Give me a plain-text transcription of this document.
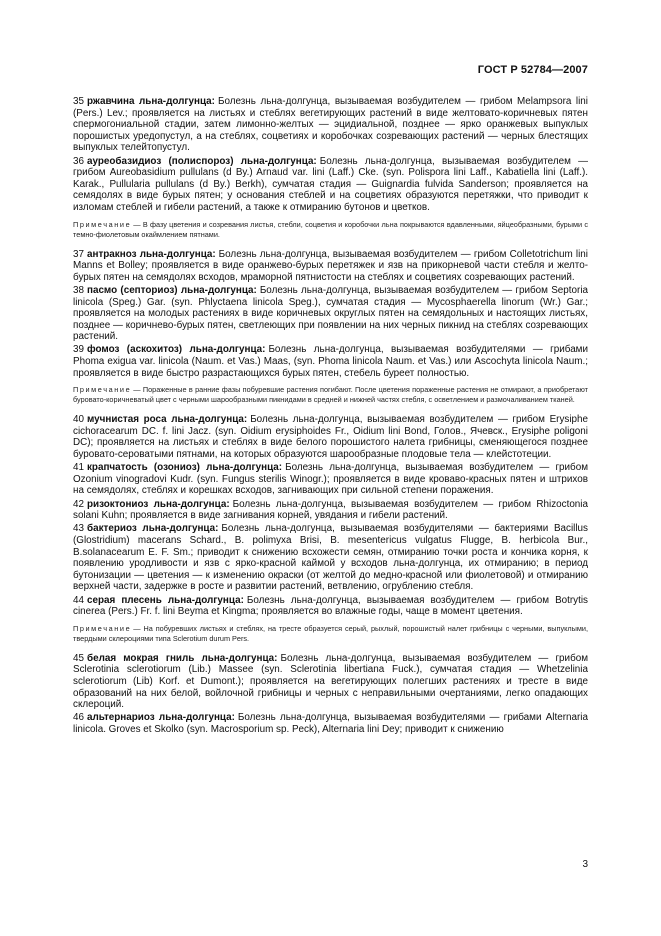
ГОСТ Р 52784—2007
35 ржавчина льна-долгунца: Болезнь льна-долгунца, вызываемая возбудителем — грибом Melampsora lini (Pers.) Lev.; проявляется на листьях и стеблях вегетирующих растений в виде желтовато-коричневых пятен спермогониальной стадии, затем лимонно-желтых — эцидиальной, позднее — ярко оранжевых выпуклых порошистых уредопустул, а на стеблях, соцветиях и коробочках созревающих растений — черных блестящих выпуклых телейтопустул.
36 ауреобазидиоз (полиспороз) льна-долгунца: Болезнь льна-долгунца, вызываемая возбудителем — грибом Aureobasidium pullulans (d By.) Arnaud var. lini (Laff.) Cke. (syn. Polispora lini Laff., Kabatiella lini (Laff.). Karak., Pullularia pullulans (d By.) Berkh), сумчатая стадия — Guignardia fulvida Sanderson; проявляется на семядолях в виде бурых пятен; у основания стеблей и на соцветиях образуются перетяжки, что приводит к изломам стеблей и гибели растений, а также к отмиранию бутонов и цветков.
Примечание — В фазу цветения и созревания листья, стебли, соцветия и коробочки льна покрываются вдавленными, яйцеобразными, бурыми с темно-фиолетовым окаймлением пятнами.
37 антракноз льна-долгунца: Болезнь льна-долгунца, вызываемая возбудителем — грибом Colletotrichum lini Manns et Bolley; проявляется в виде оранжево-бурых перетяжек и язв на прикорневой части стебля и желто-бурых пятен на семядолях всходов, мраморной пятнистости на стеблях и соцветиях созревающих растений.
38 пасмо (септориоз) льна-долгунца: Болезнь льна-долгунца, вызываемая возбудителем — грибом Septoria linicola (Speg.) Gar. (syn. Phlyctaena linicola Speg.), сумчатая стадия — Mycosphaerella linorum (Wr.) Gar.; проявляется на молодых растениях в виде коричневых округлых пятен на семядольных и настоящих листьях, позднее — коричнево-бурых пятен, светлеющих при появлении на них черных пикнид на стеблях созревающих растений.
39 фомоз (аскохитоз) льна-долгунца: Болезнь льна-долгунца, вызываемая возбудителями — грибами Phoma exigua var. linicola (Naum. et Vas.) Maas, (syn. Phoma linicola Naum. et Vas.) или Ascochyta linicola Naum.; проявляется в виде быстро разрастающихся бурых пятен, стебель буреет полностью.
Примечание — Пораженные в ранние фазы побуревшие растения погибают. После цветения пораженные растения не отмирают, а приобретают буровато-коричневатый цвет с черными шарообразными пикнидами в средней и нижней частях стебля, с осветлением и размочаливанием тканей.
40 мучнистая роса льна-долгунца: Болезнь льна-долгунца, вызываемая возбудителем — грибом Erysiphe cichoracearum DC. f. lini Jacz. (syn. Oidium erysiphoides Fr., Oidium lini Bond, Голов., Ячевск., Erysiphe poligoni DC); проявляется на листьях и стеблях в виде белого порошистого налета грибницы, сменяющегося позднее буровато-сероватыми пятнами, на которых образуются шарообразные плодовые тела — клейстотеции.
41 крапчатость (озониоз) льна-долгунца: Болезнь льна-долгунца, вызываемая возбудителем — грибом Ozonium vinogradovi Kudr. (syn. Fungus sterilis Winogr.); проявляется в виде кроваво-красных пятен и штрихов на семядолях, стеблях и корешках всходов, загнивающих при сильной степени поражения.
42 ризоктониоз льна-долгунца: Болезнь льна-долгунца, вызываемая возбудителем — грибом Rhizoctonia solani Kuhn; проявляется в виде загнивания корней, увядания и гибели растений.
43 бактериоз льна-долгунца: Болезнь льна-долгунца, вызываемая возбудителями — бактериями Bacillus (Glostridium) macerans Schard., B. polimyxa Brisi, B. mesentericus vulgatus Flugge, B. herbicola Bur., B.solanacearum E. F. Sm.; приводит к снижению всхожести семян, отмиранию точки роста и кончика корня, к появлению уродливости и язв с ярко-красной каймой у всходов льна-долгунца, их отмиранию; в период бутонизации — цветения — к изменению окраски (от желтой до медно-красной или фиолетовой) и отмиранию верхней части, задержке в росте и развитии растений, ветвлению, огрублению стебля.
44 серая плесень льна-долгунца: Болезнь льна-долгунца, вызываемая возбудителем — грибом Botrytis cinerea (Pers.) Fr. f. lini Beyma et Kingma; проявляется во влажные годы, чаще в момент цветения.
Примечание — На побуревших листьях и стеблях, на тресте образуется серый, рыхлый, порошистый налет грибницы с черными, выпуклыми, твердыми склероциями типа Sclerotium durum Pers.
45 белая мокрая гниль льна-долгунца: Болезнь льна-долгунца, вызываемая возбудителем — грибом Sclerotinia sclerotiorum (Lib.) Massee (syn. Sclerotinia libertiana Fuck.), сумчатая стадия — Whetzelinia sclerotiorum (Lib) Korf. et Dumont.); проявляется на вегетирующих полегших растениях и тресте в виде образований на них белой, войлочной грибницы и черных с неправильными очертаниями, легко опадающих склероций.
46 альтернариоз льна-долгунца: Болезнь льна-долгунца, вызываемая возбудителями — грибами Alternaria linicola. Groves et Skolko (syn. Macrosporium sp. Peck), Alternaria lini Dey; приводит к снижению
3
